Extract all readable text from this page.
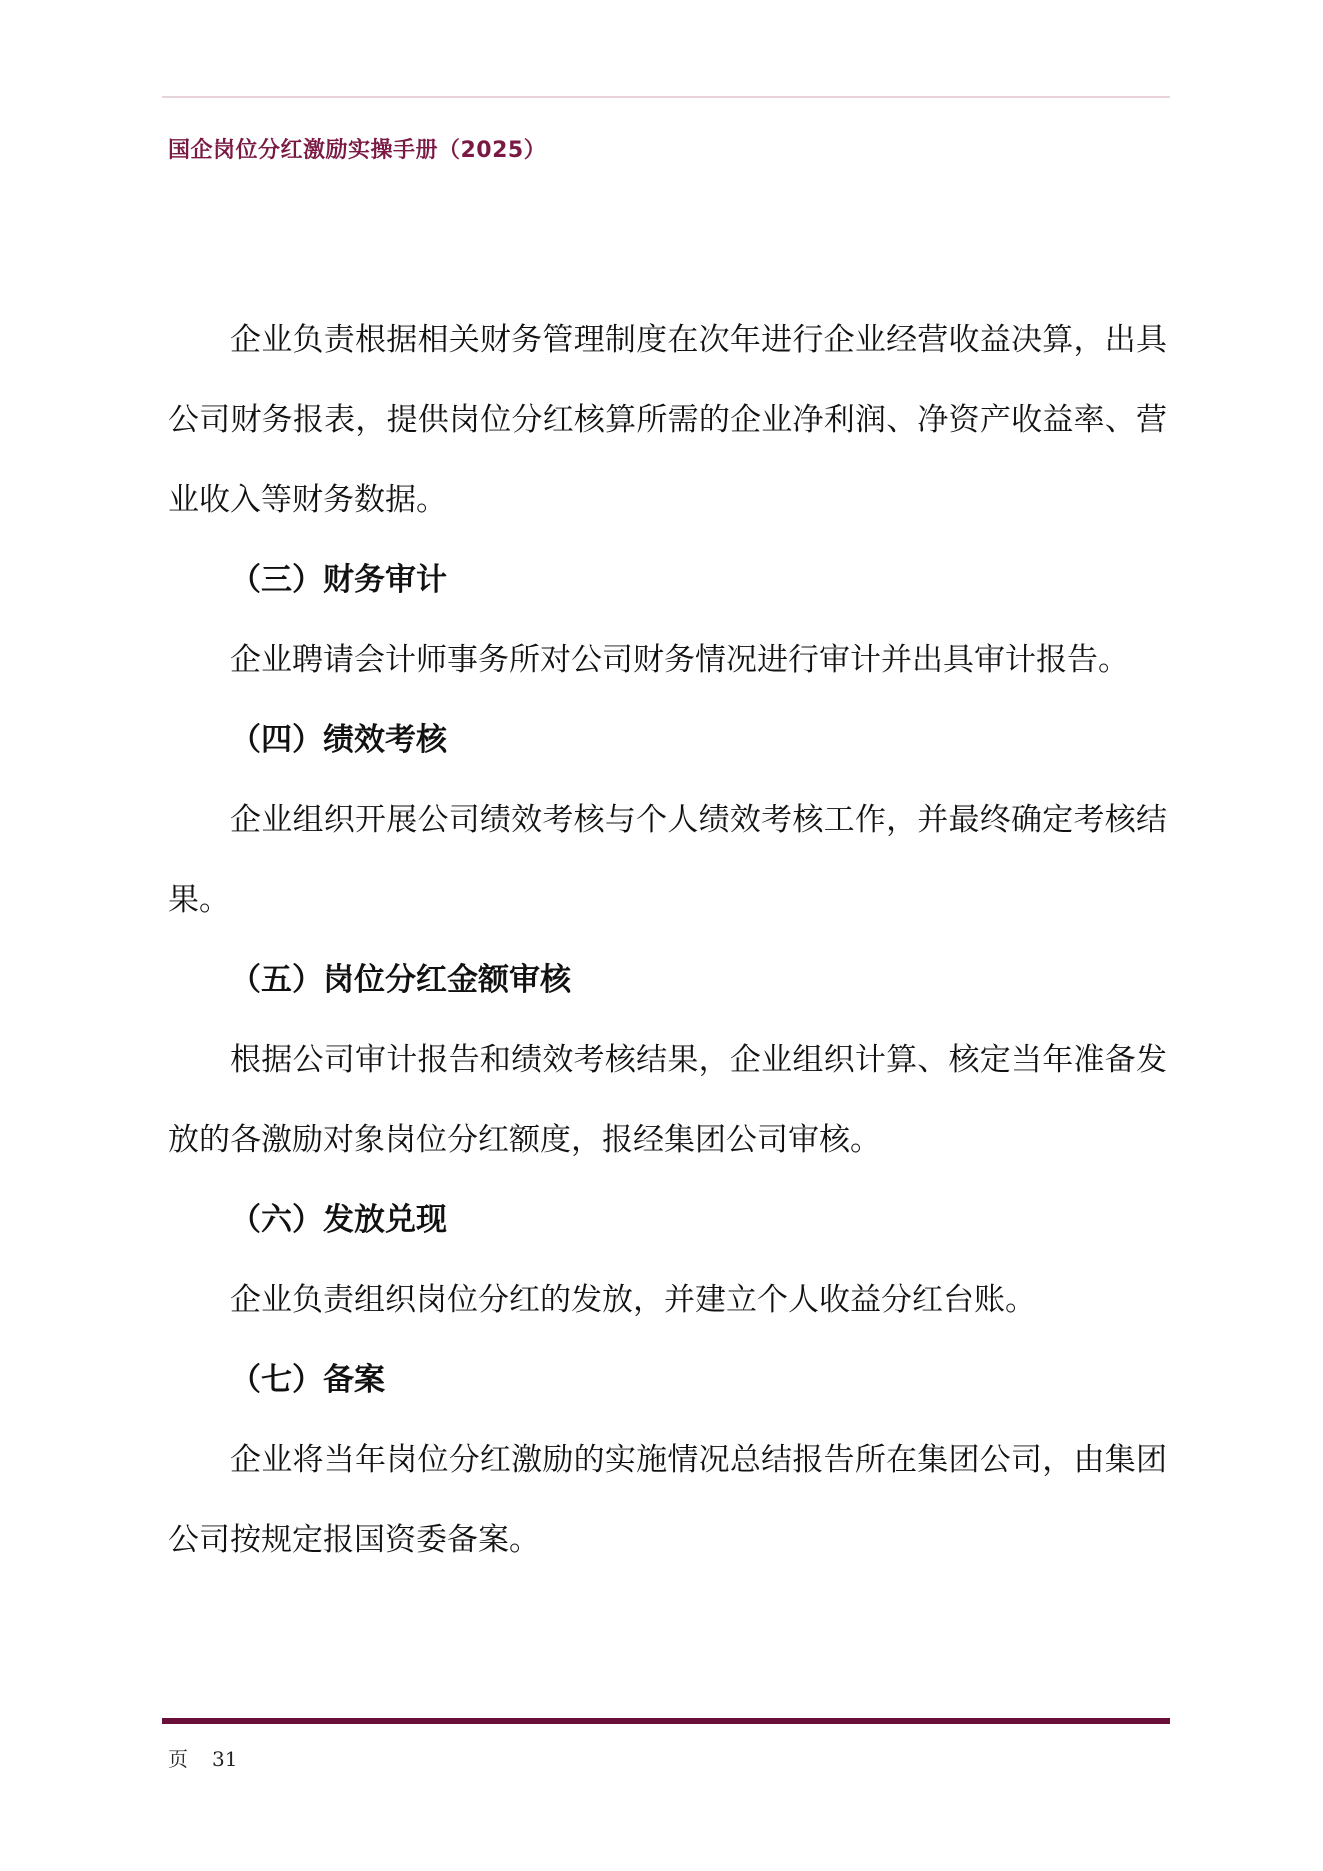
国企岗位分红激励实操手册（2025）

企业负责根据相关财务管理制度在次年进行企业经营收益决算，出具公司财务报表，提供岗位分红核算所需的企业净利润、净资产收益率、营业收入等财务数据。

（三）财务审计

企业聘请会计师事务所对公司财务情况进行审计并出具审计报告。

（四）绩效考核

企业组织开展公司绩效考核与个人绩效考核工作，并最终确定考核结果。

（五）岗位分红金额审核

根据公司审计报告和绩效考核结果，企业组织计算、核定当年准备发放的各激励对象岗位分红额度，报经集团公司审核。

（六）发放兑现

企业负责组织岗位分红的发放，并建立个人收益分红台账。

（七）备案

企业将当年岗位分红激励的实施情况总结报告所在集团公司，由集团公司按规定报国资委备案。

页 31
